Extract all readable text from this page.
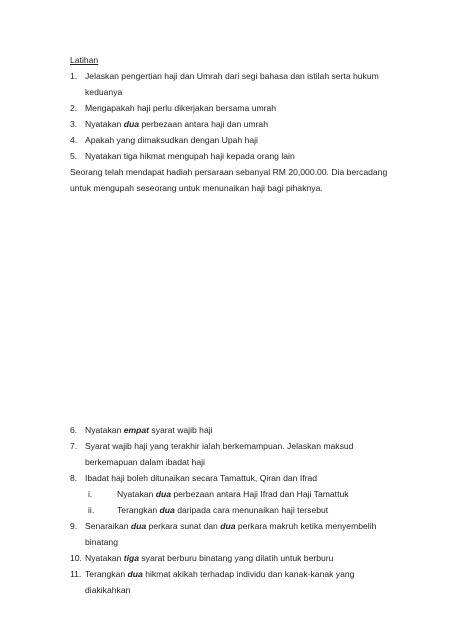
Latihan
1. Jelaskan pengertian haji dan Umrah dari segi bahasa dan istilah serta hukum
keduanya
2. Mengapakah haji perlu dikerjakan bersama umrah
3. Nyatakan dua perbezaan antara haji dan umrah
4. Apakah yang dimaksudkan dengan Upah haji
5. Nyatakan tiga hikmat mengupah haji kepada orang lain
Seorang telah mendapat hadiah persaraan sebanyal RM 20,000.00. Dia bercadang
untuk mengupah seseorang untuk menunaikan haji bagi pihaknya.
6. Nyatakan empat syarat wajib haji
7. Syarat wajib haji yang terakhir ialah berkemampuan. Jelaskan maksud
berkemapuan dalam ibadat haji
8. Ibadat haji boleh ditunaikan secara Tamattuk, Qiran dan Ifrad
i.	Nyatakan dua perbezaan antara Haji Ifrad dan Haji Tamattuk
ii.	Terangkan dua daripada cara menunaikan haji tersebut
9. Senaraikan dua perkara sunat dan dua perkara makruh ketika menyembelih
binatang
10. Nyatakan tiga syarat berburu binatang yang dilatih untuk berburu
11. Terangkan dua hikmat akikah terhadap individu dan kanak-kanak yang
diakikahkan
